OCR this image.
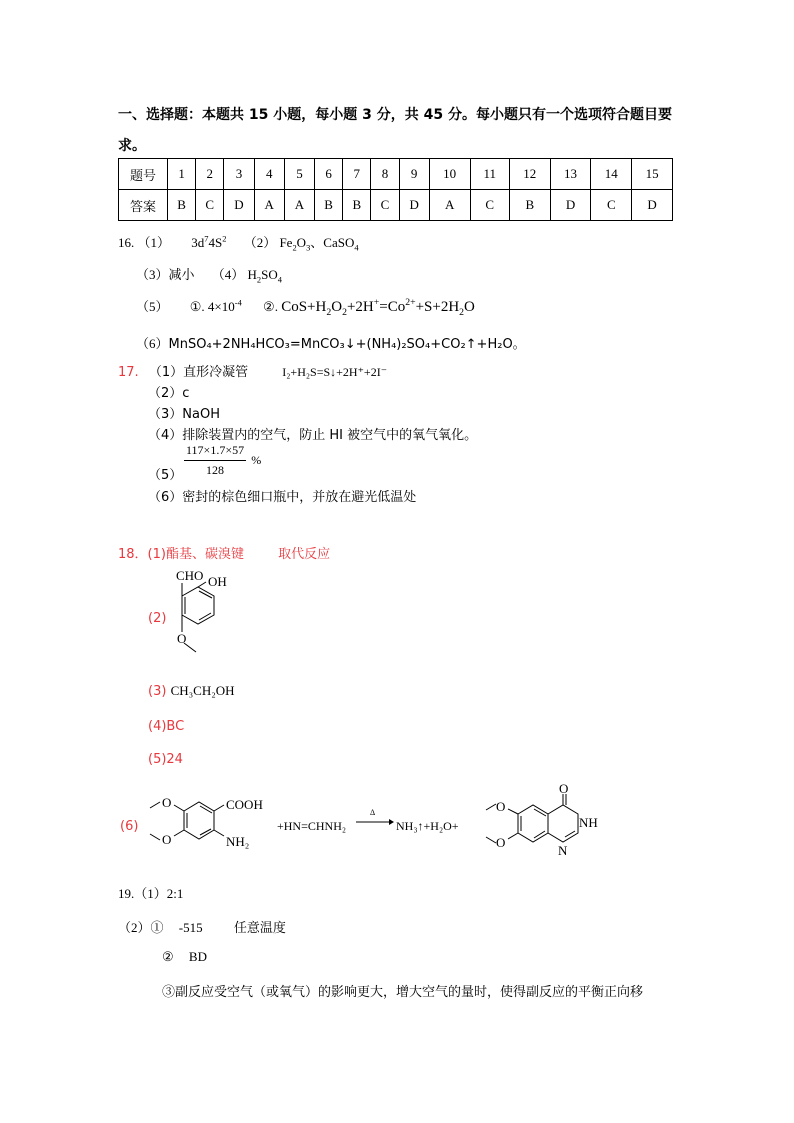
一、选择题：本题共 15 小题，每小题 3 分，共 45 分。每小题只有一个选项符合题目要
求。
题号	1	2	3	4	5	6	7	8	9	10	11	12	13	14	15
答案	B	C	D	A	A	B	B	C	D	A	C	B	D	C	D
16. （1） $3d^74S^2$ （2） $Fe_2O_3$、CaSO$_4$
（3）减小 （4） $H_2SO_4$
（5） ①. $4\times 10^{-4}$ ②. $CoS+H_2O_2+2H^+=Co^{2+}+S+2H_2O$
（6）MnSO₄+2NH₄HCO₃=MnCO₃↓+(NH₄)₂SO₄+CO₂↑+H₂O。
17. （1）直形冷凝管	I₂+H₂S=S↓+2H⁺+2I⁻
（2）c
（3）NaOH
（4）排除装置内的空气，防止 HI 被空气中的氧气氧化。
$(5) \frac{117\times 1.7\times 57}{128}$ %
（6）密封的棕色细口瓶中，并放在避光低温处
18．(1)酯基、碳溴键	取代反应
(2)
CHO OH
O
(3) CH₃CH₂OH
(4)BC
(5)24
(6)
COOH
NH₂
O
O
+HN=CHNH₂
Δ
NH₃↑+H₂O+
O
NH
N
O
O
19.（1）2:1
（2）① -515 任意温度
② BD
③副反应受空气（或氧气）的影响更大，增大空气的量时，使得副反应的平衡正向移
